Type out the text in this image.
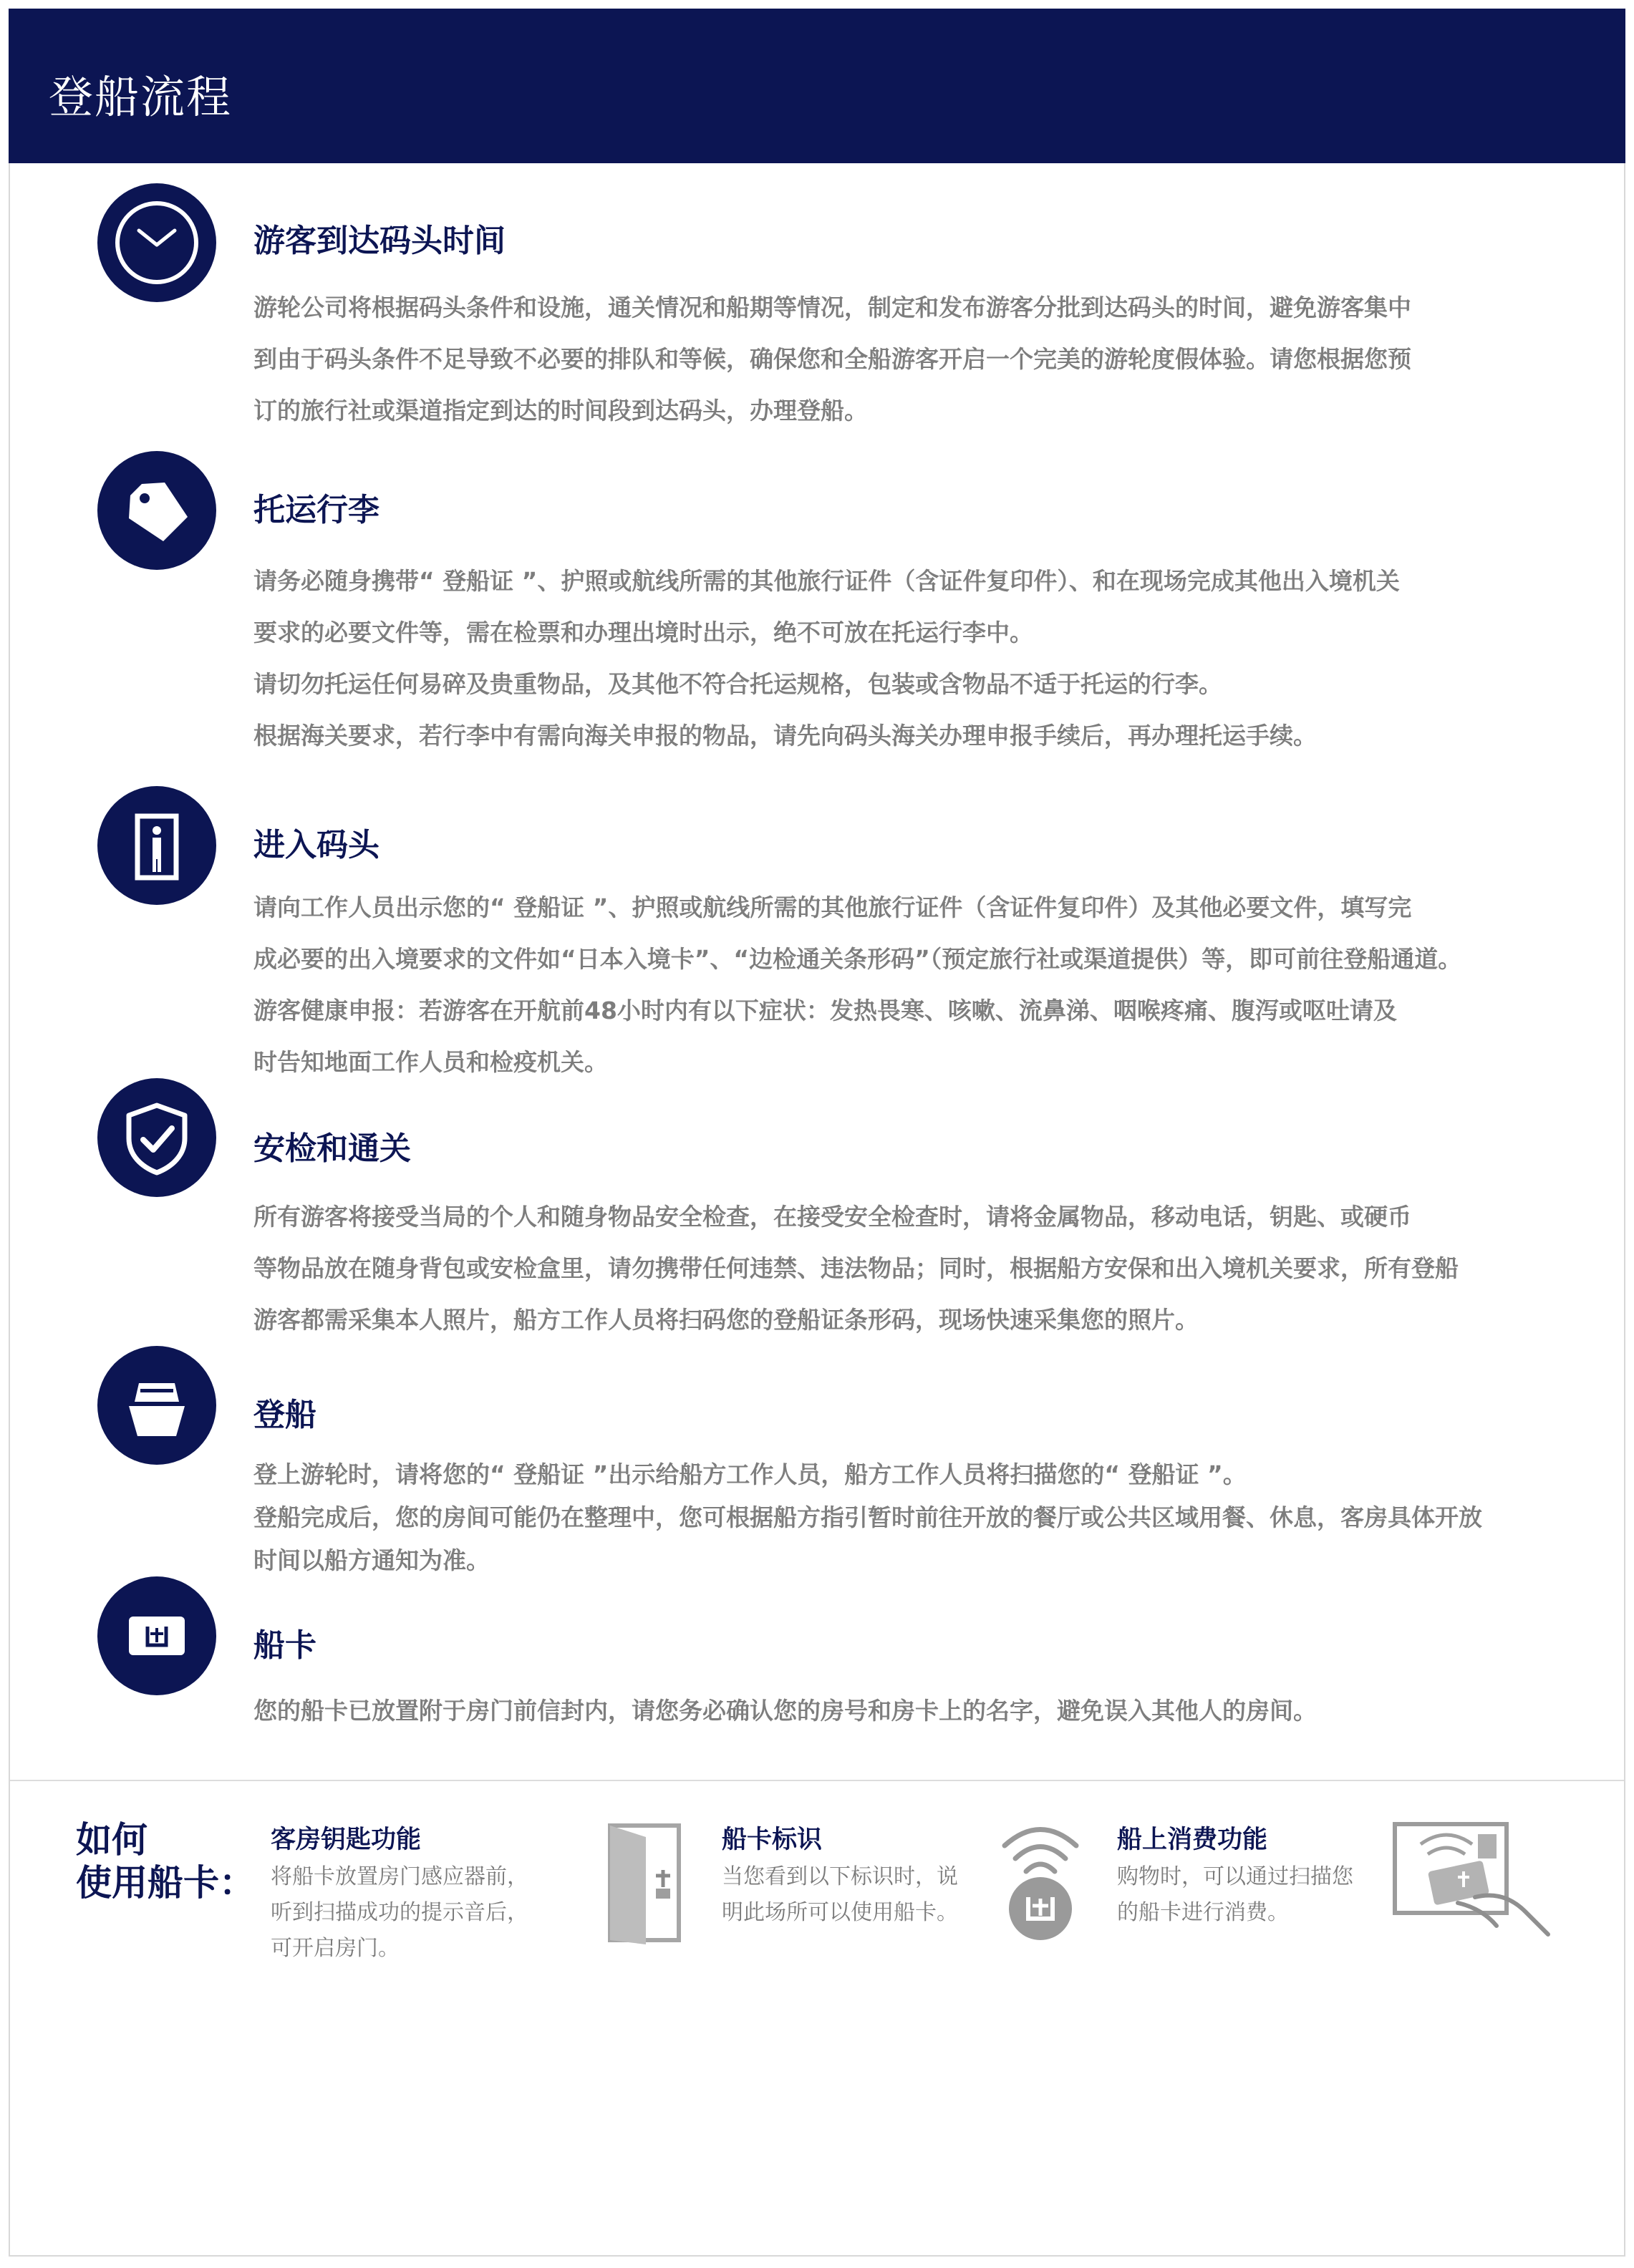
登船流程
游客到达码头时间

游轮公司将根据码头条件和设施，通关情况和船期等情况，制定和发布游客分批到达码头的时间，避免游客集中

到由于码头条件不足导致不必要的排队和等候，确保您和全船游客开启一个完美的游轮度假体验。请您根据您预

订的旅行社或渠道指定到达的时间段到达码头，办理登船。

托运行李

请务必随身携带“ 登船证 ”、护照或航线所需的其他旅行证件（含证件复印件）、和在现场完成其他出入境机关

要求的必要文件等，需在检票和办理出境时出示，绝不可放在托运行李中。

请切勿托运任何易碎及贵重物品，及其他不符合托运规格，包装或含物品不适于托运的行李。

根据海关要求，若行李中有需向海关申报的物品，请先向码头海关办理申报手续后，再办理托运手续。

进入码头

请向工作人员出示您的“ 登船证 ”、护照或航线所需的其他旅行证件（含证件复印件）及其他必要文件，填写完

成必要的出入境要求的文件如“日本入境卡”、“边检通关条形码”（预定旅行社或渠道提供）等，即可前往登船通道。

游客健康申报：若游客在开航前48小时内有以下症状：发热畏寒、咳嗽、流鼻涕、咽喉疼痛、腹泻或呕吐请及

时告知地面工作人员和检疫机关。

安检和通关

所有游客将接受当局的个人和随身物品安全检查，在接受安全检查时，请将金属物品，移动电话，钥匙、或硬币

等物品放在随身背包或安检盒里，请勿携带任何违禁、违法物品；同时，根据船方安保和出入境机关要求，所有登船

游客都需采集本人照片，船方工作人员将扫码您的登船证条形码，现场快速采集您的照片。

登船

登上游轮时，请将您的“ 登船证 ”出示给船方工作人员，船方工作人员将扫描您的“ 登船证 ”。

登船完成后，您的房间可能仍在整理中，您可根据船方指引暂时前往开放的餐厅或公共区域用餐、休息，客房具体开放

时间以船方通知为准。

船卡

您的船卡已放置附于房门前信封内，请您务必确认您的房号和房卡上的名字，避免误入其他人的房间。

如何
使用船卡：
客房钥匙功能

将船卡放置房门感应器前，

听到扫描成功的提示音后，

可开启房门。

船卡标识

当您看到以下标识时，说

明此场所可以使用船卡。

船上消费功能

购物时，可以通过扫描您

的船卡进行消费。
